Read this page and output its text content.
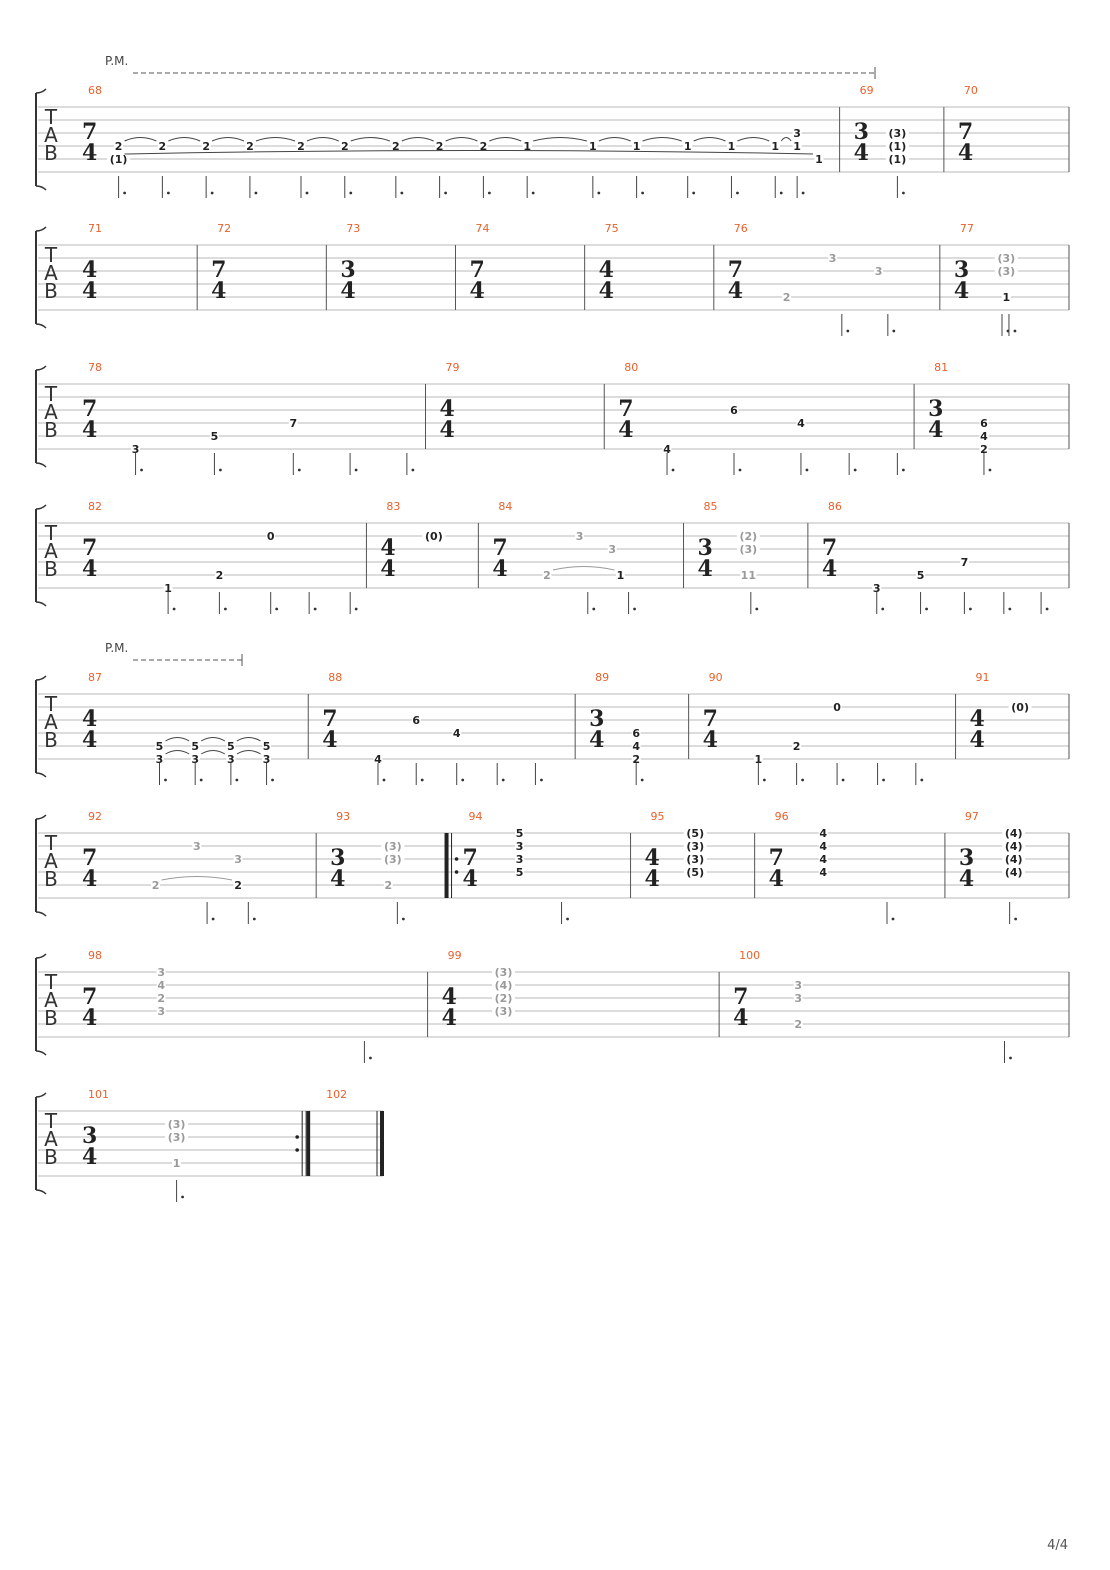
T
A
B
68
7
4 (1)
2	2	2	2	2	2	2	2	2	1	1	1	1	1	1 1
3
1
69
3
4
(3)
(1)
(1)
70
7
4
P.M.
T
A
B
71
4
4
72
7
4
73
3
4
74
7
4
75
4
4
76
7
4
3
3
2
77
3
4
(3)
(3)
1
T
A
B
78
7
4
3
5
7
79
4
4
80
7
4
4
6
4
81
3
4	6
4
2
T
A
B
82
7
4
1
2
0
83
4
4
(0)
84
7
4
3
3
2	1
85
3
4
(2)
(3)
11
86
7
4
3
5
7
T
A
B
87
4
4	5
3
5
3
5
3
5
3
88
7
4
4
6
4
89
3
4	6
4
2
90
7
4
1
2
0
91
4
4
(0)
P.M.
T
A
B
92
7
4
3
3
2	2
93
3
4
(3)
(3)
2
94
7
4
5
3
3
5
95
4
4
(5)
(3)
(3)
(5)
96
7
4
4
4
4
4
97
3
4
(4)
(4)
(4)
(4)
T
A
B
98
7
4
3
4
2
3
99
4
4
(3)
(4)
(2)
(3)
100
7
4
3
3
2
T
A
B
101
3
4
(3)
(3)
1
102
4/4
